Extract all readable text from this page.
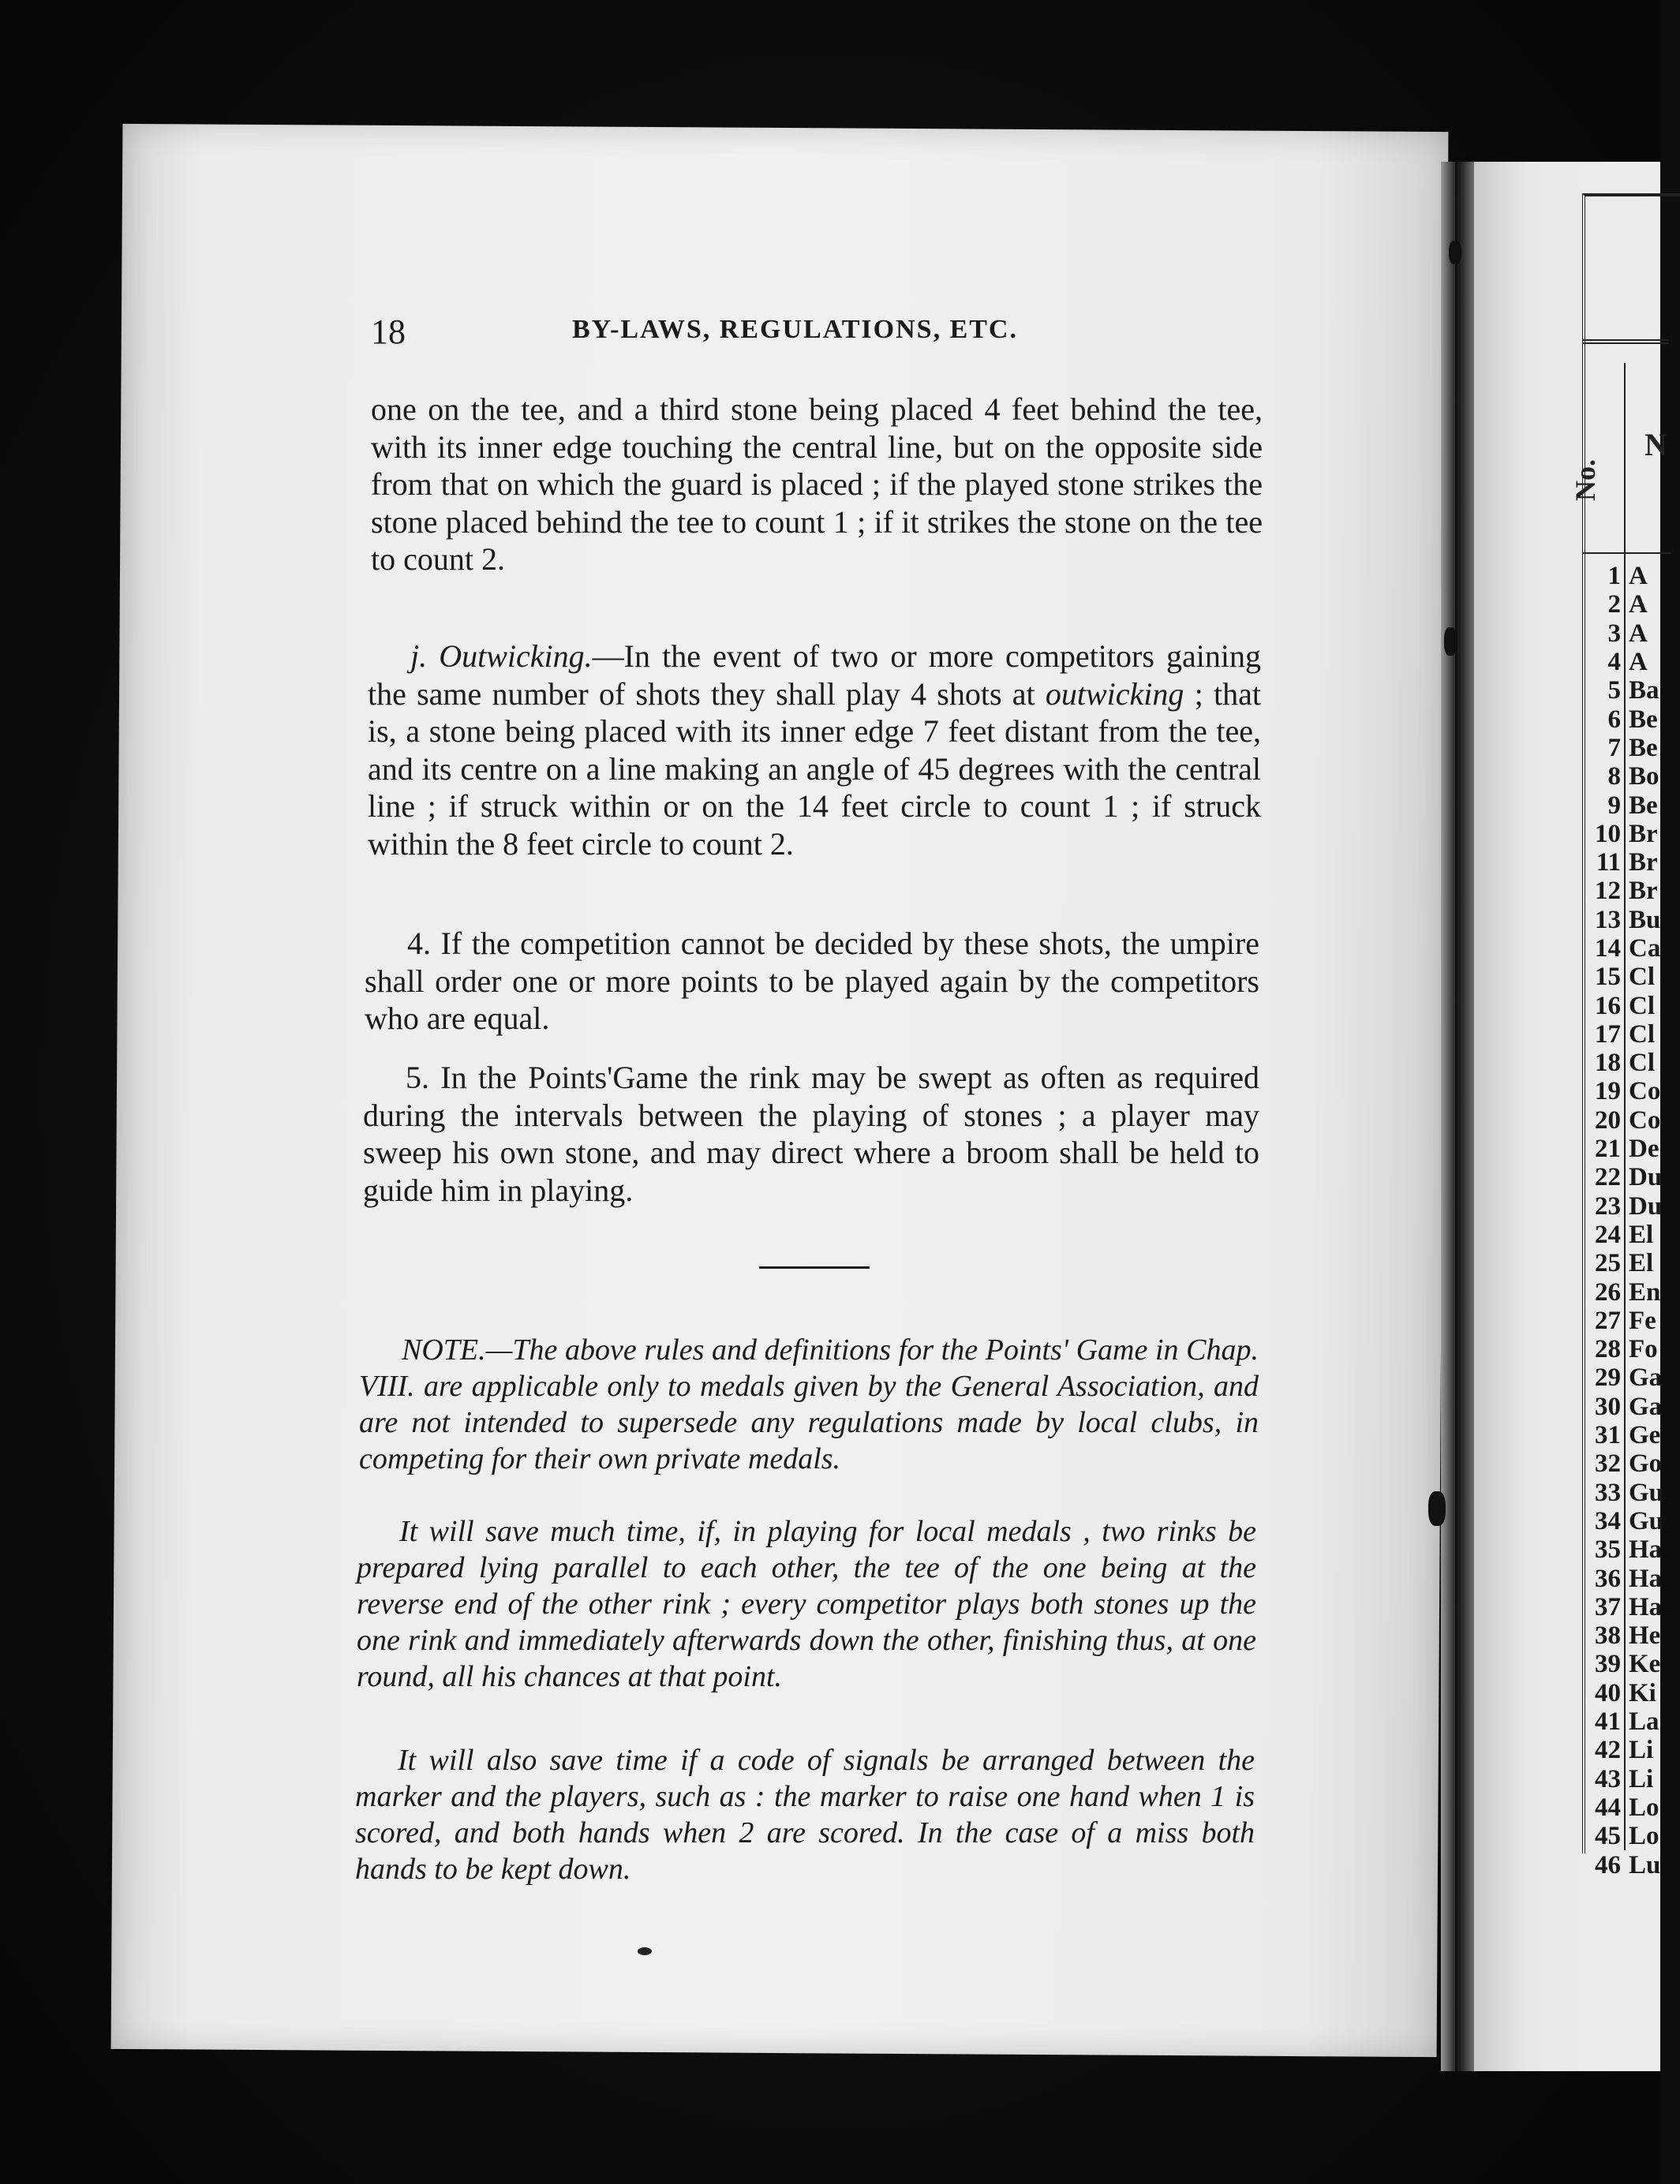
No.
N
1 A
2 A
3 A
4 A
5 Ba
6 Be
7 Be
8 Bo
9 Be
10 Br
11 Br
12 Br
13 Bu
14 Ca
15 Cl
16 Cl
17 Cl
18 Cl
19 Co
20 Co
21 De
22 Du
23 Du
24 El
25 El
26 En
27 Fe
28 Fo
29 Ga
30 Ga
31 Ge
32 Go
33 Gu
34 Gu
35 Ha
36 Ha
37 Ha
38 He
39 Ke
40 Ki
41 La
42 Li
43 Li
44 Lo
45 Lo
46 Lu
18	BY-LAWS, REGULATIONS, ETC.

one on the tee, and a third stone being placed 4 feet behind the tee, with its inner edge touching the central line, but on the opposite side from that on which the guard is placed ; if the played stone strikes the stone placed behind the tee to count 1 ; if it strikes the stone on the tee to count 2.

j. Outwicking.—In the event of two or more competitors gaining the same number of shots they shall play 4 shots at outwicking ; that is, a stone being placed with its inner edge 7 feet distant from the tee, and its centre on a line making an angle of 45 degrees with the central line ; if struck within or on the 14 feet circle to count 1 ; if struck within the 8 feet circle to count 2.

4. If the competition cannot be decided by these shots, the umpire shall order one or more points to be played again by the competitors who are equal.

5. In the Points'Game the rink may be swept as often as required during the intervals between the playing of stones ; a player may sweep his own stone, and may direct where a broom shall be held to guide him in playing.

NOTE.—The above rules and definitions for the Points' Game in Chap. VIII. are applicable only to medals given by the General Association, and are not intended to supersede any regulations made by local clubs, in competing for their own private medals.

It will save much time, if, in playing for local medals , two rinks be prepared lying parallel to each other, the tee of the one being at the reverse end of the other rink ; every competitor plays both stones up the one rink and immediately afterwards down the other, finishing thus, at one round, all his chances at that point.

It will also save time if a code of signals be arranged between the marker and the players, such as : the marker to raise one hand when 1 is scored, and both hands when 2 are scored. In the case of a miss both hands to be kept down.
